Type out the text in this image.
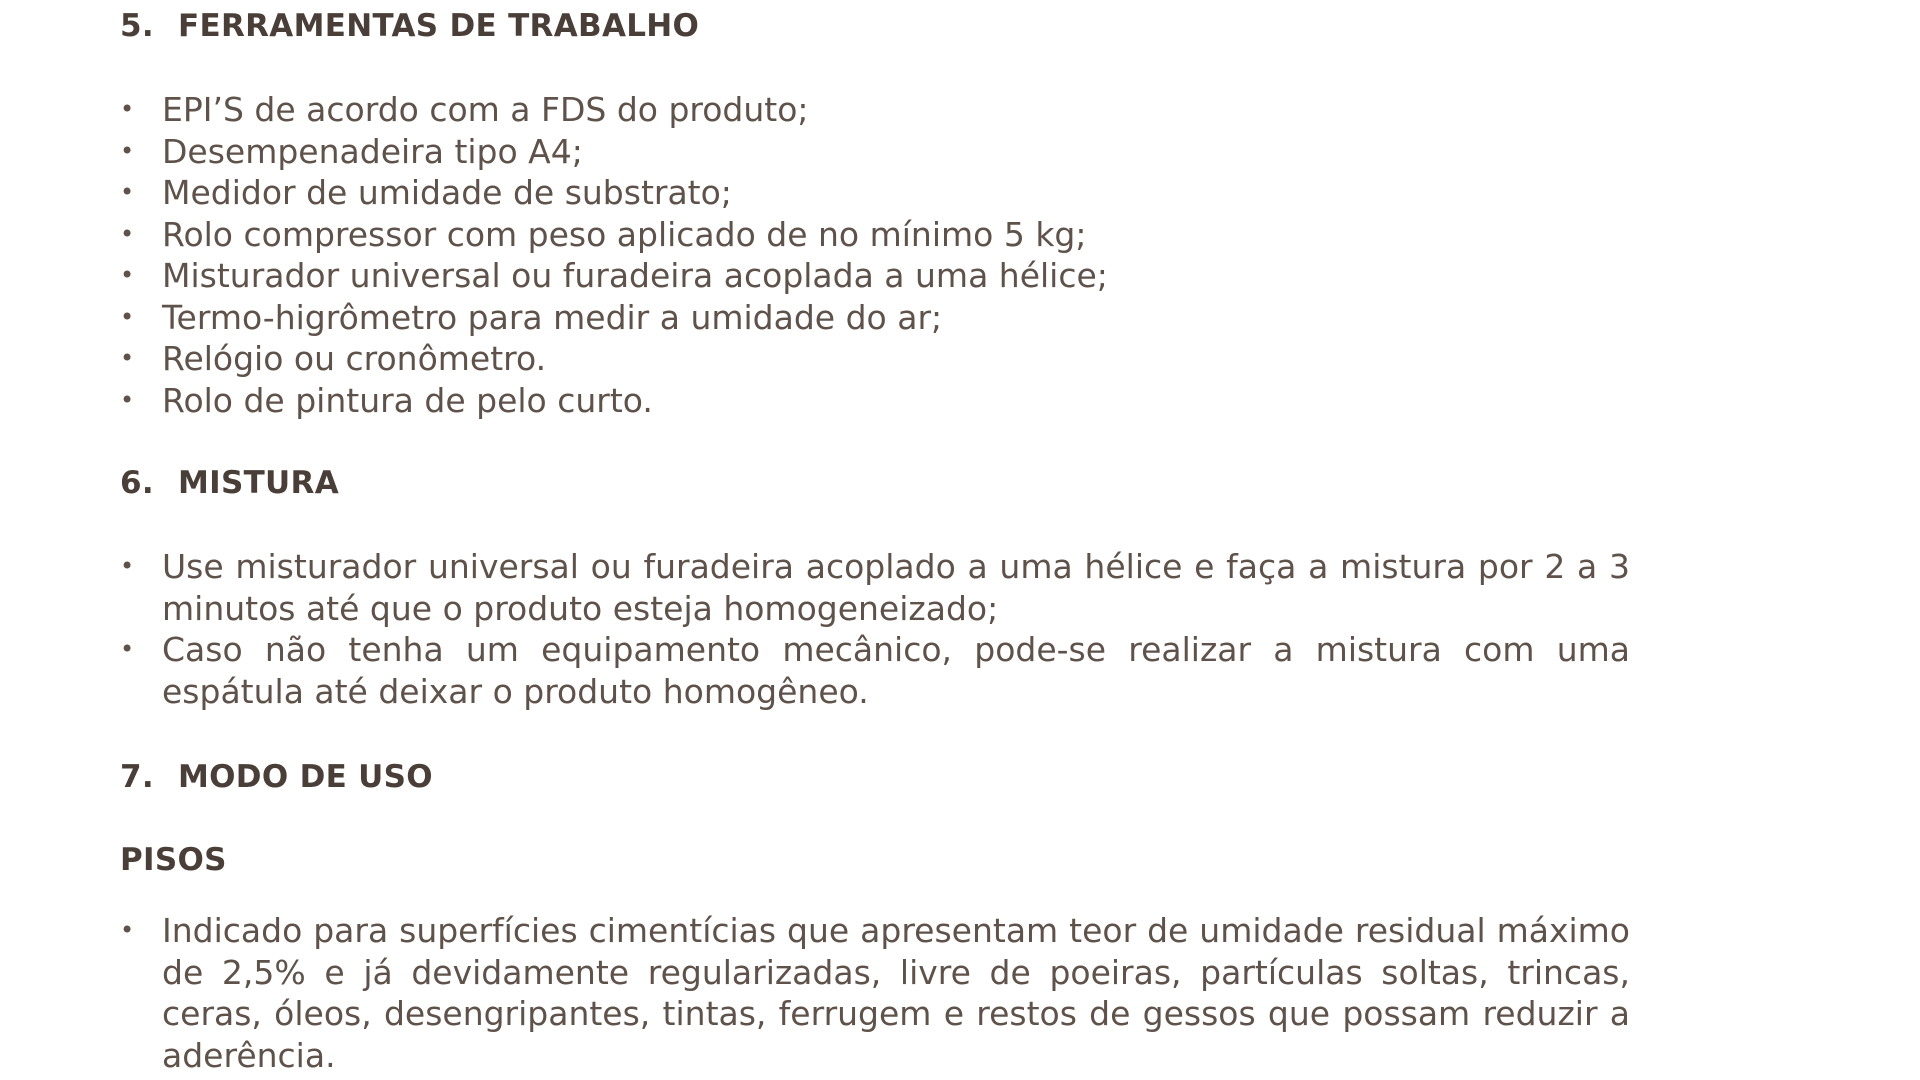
5. FERRAMENTAS DE TRABALHO
• EPI’S de acordo com a FDS do produto;
• Desempenadeira tipo A4;
• Medidor de umidade de substrato;
• Rolo compressor com peso aplicado de no mínimo 5 kg;
• Misturador universal ou furadeira acoplada a uma hélice;
• Termo-higrômetro para medir a umidade do ar;
• Relógio ou cronômetro.
• Rolo de pintura de pelo curto.
6. MISTURA
• Use misturador universal ou furadeira acoplado a uma hélice e faça a mistura por 2 a 3 minutos até que o produto esteja homogeneizado;
• Caso não tenha um equipamento mecânico, pode-se realizar a mistura com uma espátula até deixar o produto homogêneo.
7. MODO DE USO
PISOS
• Indicado para superfícies cimentícias que apresentam teor de umidade residual máximo de 2,5% e já devidamente regularizadas, livre de poeiras, partículas soltas, trincas, ceras, óleos, desengripantes, tintas, ferrugem e restos de gessos que possam reduzir a aderência.
